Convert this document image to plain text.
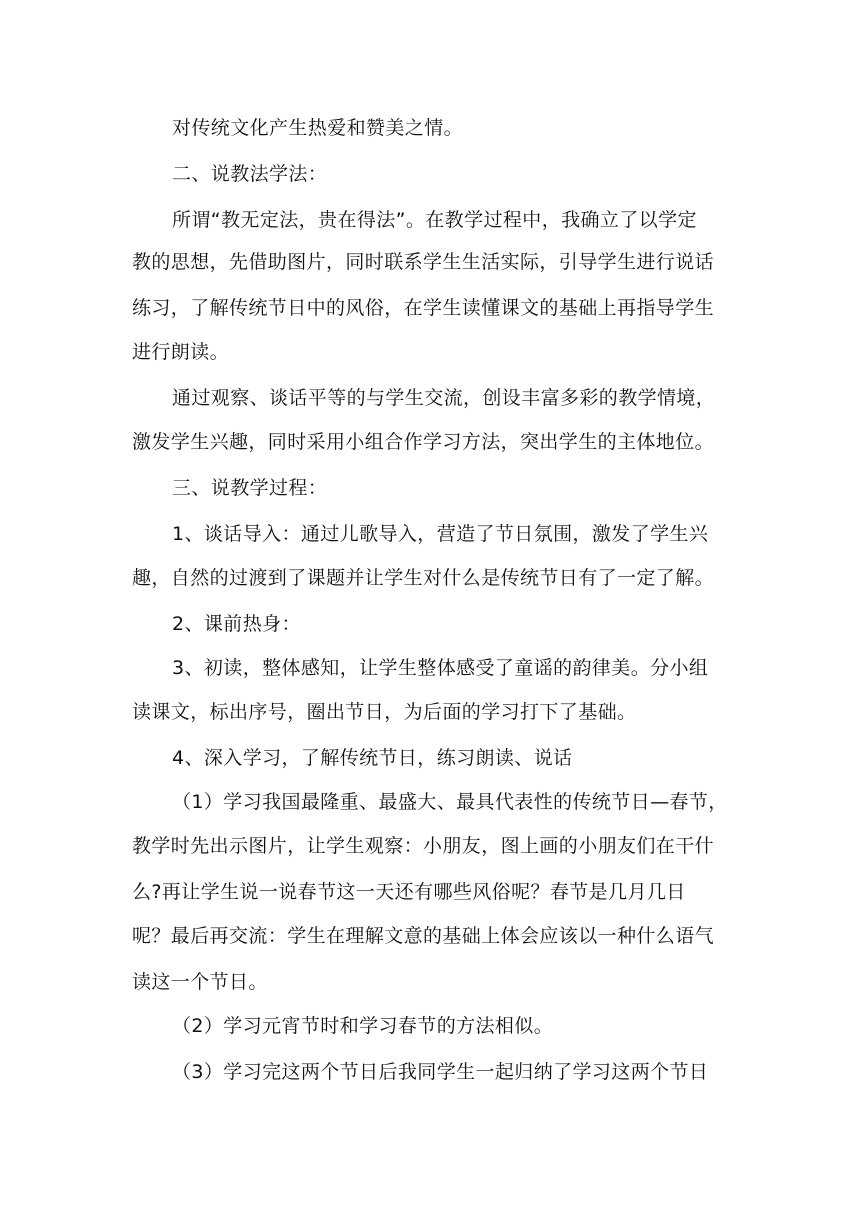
对传统文化产生热爱和赞美之情。
二、说教法学法：
所谓“教无定法，贵在得法”。在教学过程中，我确立了以学定
教的思想，先借助图片，同时联系学生生活实际，引导学生进行说话
练习，了解传统节日中的风俗，在学生读懂课文的基础上再指导学生
进行朗读。
通过观察、谈话平等的与学生交流，创设丰富多彩的教学情境，
激发学生兴趣，同时采用小组合作学习方法，突出学生的主体地位。
三、说教学过程：
1、谈话导入：通过儿歌导入，营造了节日氛围，激发了学生兴
趣，自然的过渡到了课题并让学生对什么是传统节日有了一定了解。
2、课前热身：
3、初读，整体感知，让学生整体感受了童谣的韵律美。分小组
读课文，标出序号，圈出节日，为后面的学习打下了基础。
4、深入学习，了解传统节日，练习朗读、说话
（1）学习我国最隆重、最盛大、最具代表性的传统节日—春节，
教学时先出示图片，让学生观察：小朋友，图上画的小朋友们在干什
么?再让学生说一说春节这一天还有哪些风俗呢？春节是几月几日
呢？最后再交流：学生在理解文意的基础上体会应该以一种什么语气
读这一个节日。
（2）学习元宵节时和学习春节的方法相似。
（3）学习完这两个节日后我同学生一起归纳了学习这两个节日
